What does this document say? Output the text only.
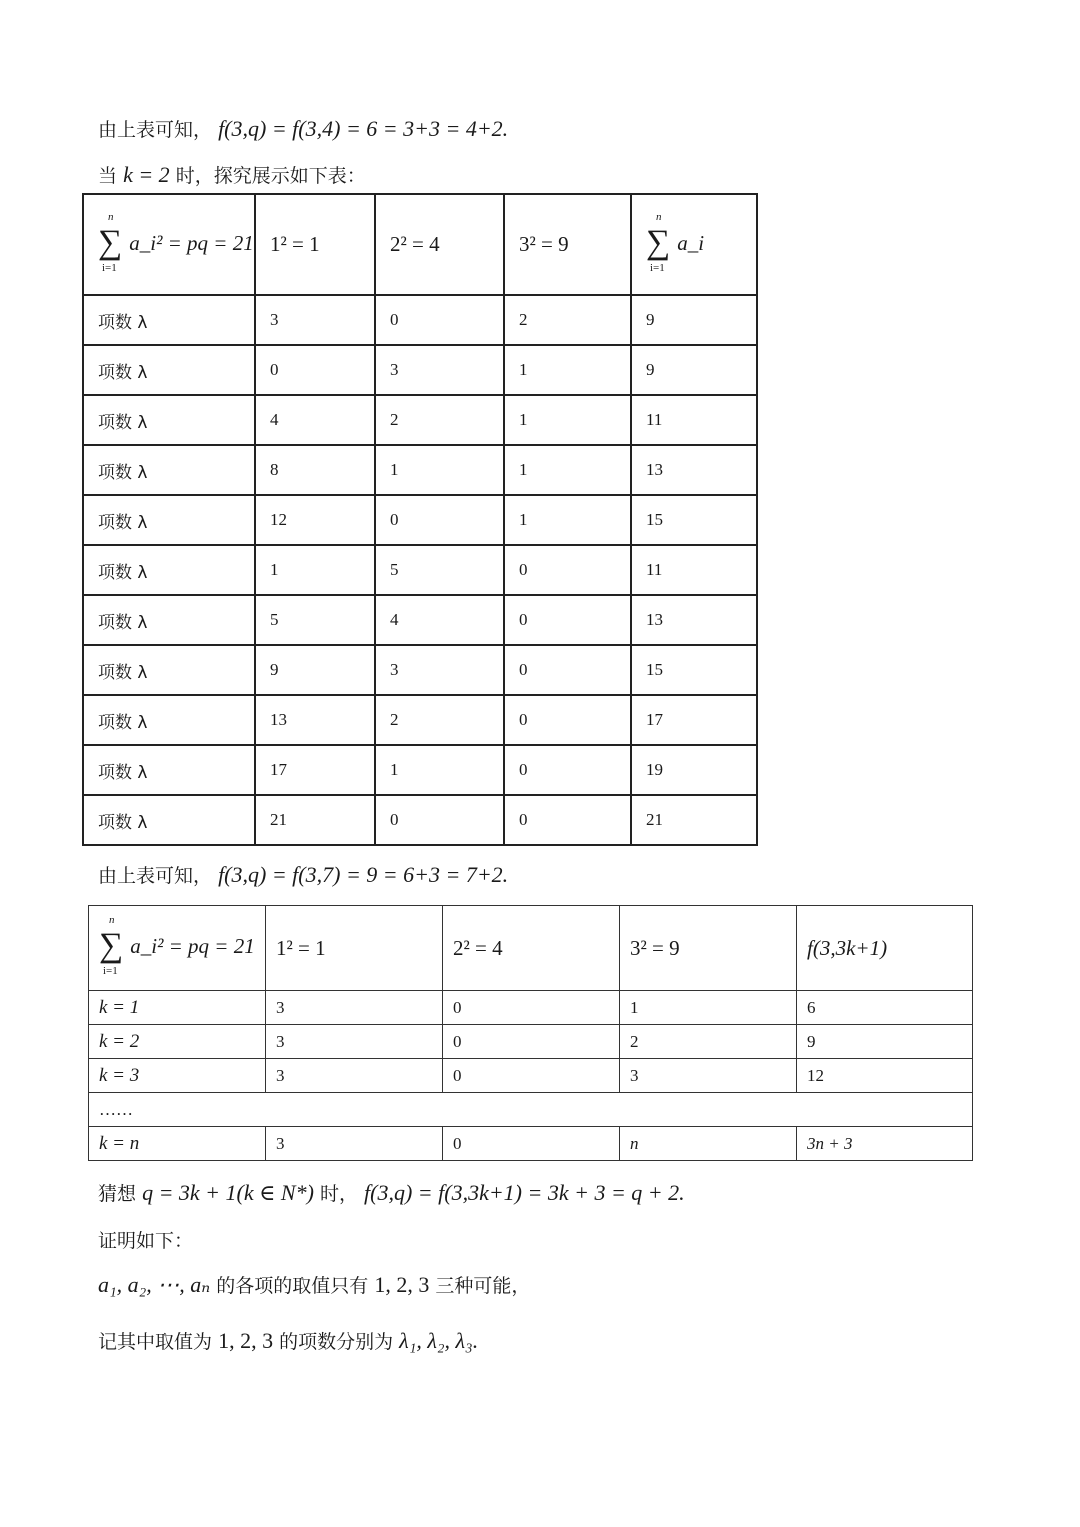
由上表可知， f(3,q) = f(3,4) = 6 = 3+3 = 4+2.
当 k = 2 时，探究展示如下表：
n
∑
i=1
a_i² = pq = 21	1² = 1	2² = 4	3² = 9	n
∑
i=1
a_i
项数 λ	3	0	2	9
项数 λ	0	3	1	9
项数 λ	4	2	1	11
项数 λ	8	1	1	13
项数 λ	12	0	1	15
项数 λ	1	5	0	11
项数 λ	5	4	0	13
项数 λ	9	3	0	15
项数 λ	13	2	0	17
项数 λ	17	1	0	19
项数 λ	21	0	0	21
由上表可知， f(3,q) = f(3,7) = 9 = 6+3 = 7+2.
n
∑
i=1
a_i² = pq = 21	1² = 1	2² = 4	3² = 9	f(3,3k+1)
k = 1	3	0	1	6
k = 2	3	0	2	9
k = 3	3	0	3	12
……				
k = n	3	0	n	3n + 3
猜想 q = 3k + 1(k ∈ N*) 时， f(3,q) = f(3,3k+1) = 3k + 3 = q + 2.
证明如下：
a₁, a₂, ⋯, aₙ 的各项的取值只有 1, 2, 3 三种可能，
记其中取值为 1, 2, 3 的项数分别为 λ₁, λ₂, λ₃.
